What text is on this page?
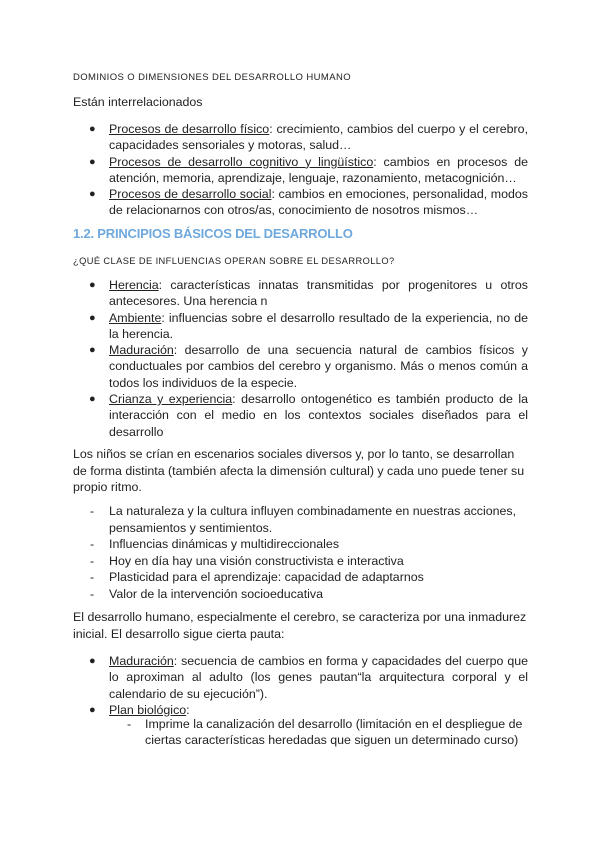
DOMINIOS O DIMENSIONES DEL DESARROLLO HUMANO
Están interrelacionados
● Procesos de desarrollo físico: crecimiento, cambios del cuerpo y el cerebro, capacidades sensoriales y motoras, salud…
● Procesos de desarrollo cognitivo y lingüístico: cambios en procesos de atención, memoria, aprendizaje, lenguaje, razonamiento, metacognición…
● Procesos de desarrollo social: cambios en emociones, personalidad, modos de relacionarnos con otros/as, conocimiento de nosotros mismos…
1.2. PRINCIPIOS BÁSICOS DEL DESARROLLO
¿QUÉ CLASE DE INFLUENCIAS OPERAN SOBRE EL DESARROLLO?
● Herencia: características innatas transmitidas por progenitores u otros antecesores. Una herencia n
● Ambiente: influencias sobre el desarrollo resultado de la experiencia, no de la herencia.
● Maduración: desarrollo de una secuencia natural de cambios físicos y conductuales por cambios del cerebro y organismo. Más o menos común a todos los individuos de la especie.
● Crianza y experiencia: desarrollo ontogenético es también producto de la interacción con el medio en los contextos sociales diseñados para el desarrollo
Los niños se crían en escenarios sociales diversos y, por lo tanto, se desarrollan de forma distinta (también afecta la dimensión cultural) y cada uno puede tener su propio ritmo.
- La naturaleza y la cultura influyen combinadamente en nuestras acciones, pensamientos y sentimientos.
- Influencias dinámicas y multidireccionales
- Hoy en día hay una visión constructivista e interactiva
- Plasticidad para el aprendizaje: capacidad de adaptarnos
- Valor de la intervención socioeducativa
El desarrollo humano, especialmente el cerebro, se caracteriza por una inmadurez inicial. El desarrollo sigue cierta pauta:
● Maduración: secuencia de cambios en forma y capacidades del cuerpo que lo aproximan al adulto (los genes pautan“la arquitectura corporal y el calendario de su ejecución”).
● Plan biológico:
- Imprime la canalización del desarrollo (limitación en el despliegue de ciertas características heredadas que siguen un determinado curso)
